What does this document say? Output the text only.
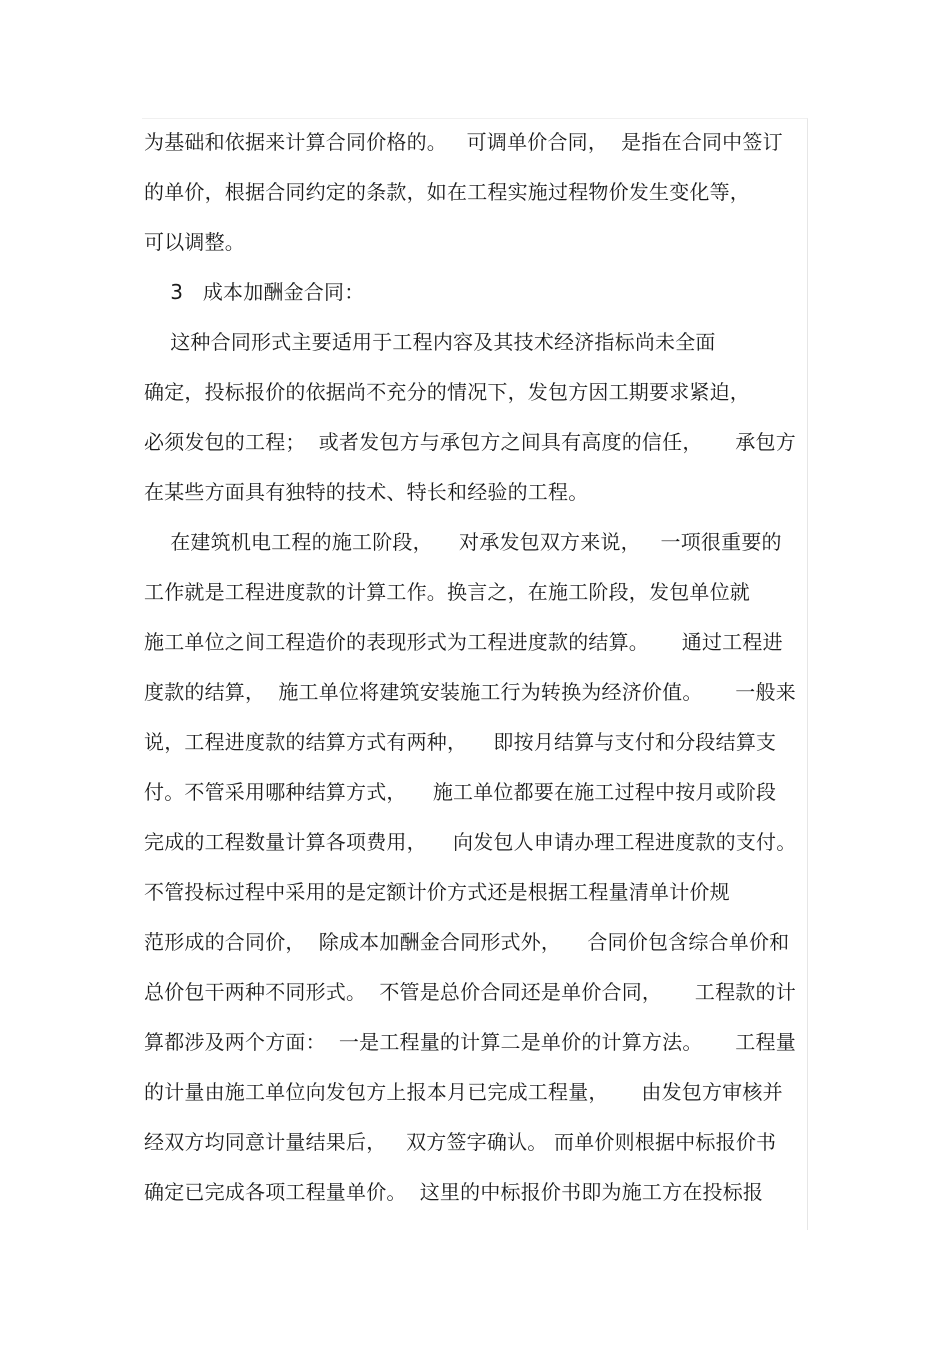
为基础和依据来计算合同价格的。   可调单价合同，  是指在合同中签订
的单价，根据合同约定的条款，如在工程实施过程物价发生变化等，
可以调整。
3   成本加酬金合同：
这种合同形式主要适用于工程内容及其技术经济指标尚未全面
确定，投标报价的依据尚不充分的情况下，发包方因工期要求紧迫，
必须发包的工程；  或者发包方与承包方之间具有高度的信任，     承包方
在某些方面具有独特的技术、特长和经验的工程。
在建筑机电工程的施工阶段，    对承发包双方来说，   一项很重要的
工作就是工程进度款的计算工作。换言之，在施工阶段，发包单位就
施工单位之间工程造价的表现形式为工程进度款的结算。     通过工程进
度款的结算，  施工单位将建筑安装施工行为转换为经济价值。     一般来
说，工程进度款的结算方式有两种，    即按月结算与支付和分段结算支
付。不管采用哪种结算方式，    施工单位都要在施工过程中按月或阶段
完成的工程数量计算各项费用，    向发包人申请办理工程进度款的支付。
不管投标过程中采用的是定额计价方式还是根据工程量清单计价规
范形成的合同价，  除成本加酬金合同形式外，    合同价包含综合单价和
总价包干两种不同形式。  不管是总价合同还是单价合同，     工程款的计
算都涉及两个方面：  一是工程量的计算二是单价的计算方法。     工程量
的计量由施工单位向发包方上报本月已完成工程量，     由发包方审核并
经双方均同意计量结果后，   双方签字确认。 而单价则根据中标报价书
确定已完成各项工程量单价。  这里的中标报价书即为施工方在投标报
